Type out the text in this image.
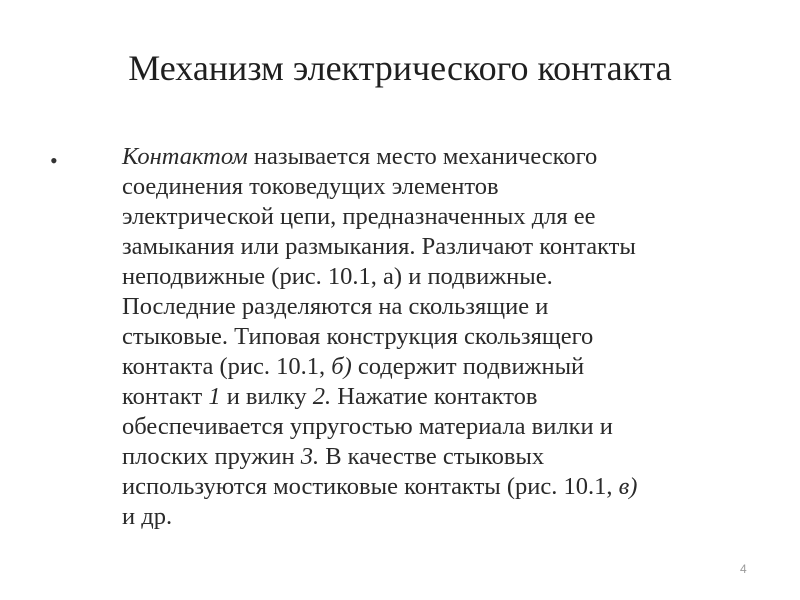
Механизм электрического контакта
•	Контактом называется место механического
соединения токоведущих элементов
электрической цепи, предназначенных для ее
замыкания или размыкания. Различают контакты
неподвижные (рис. 10.1, а) и подвижные.
Последние разделяются на скользящие и
стыковые. Типовая конструкция скользящего
контакта (рис. 10.1, б) содержит подвижный
контакт 1 и вилку 2. Нажатие контактов
обеспечивается упругостью материала вилки и
плоских пружин 3. В качестве стыковых
используются мостиковые контакты (рис. 10.1, в)
и др.

4
